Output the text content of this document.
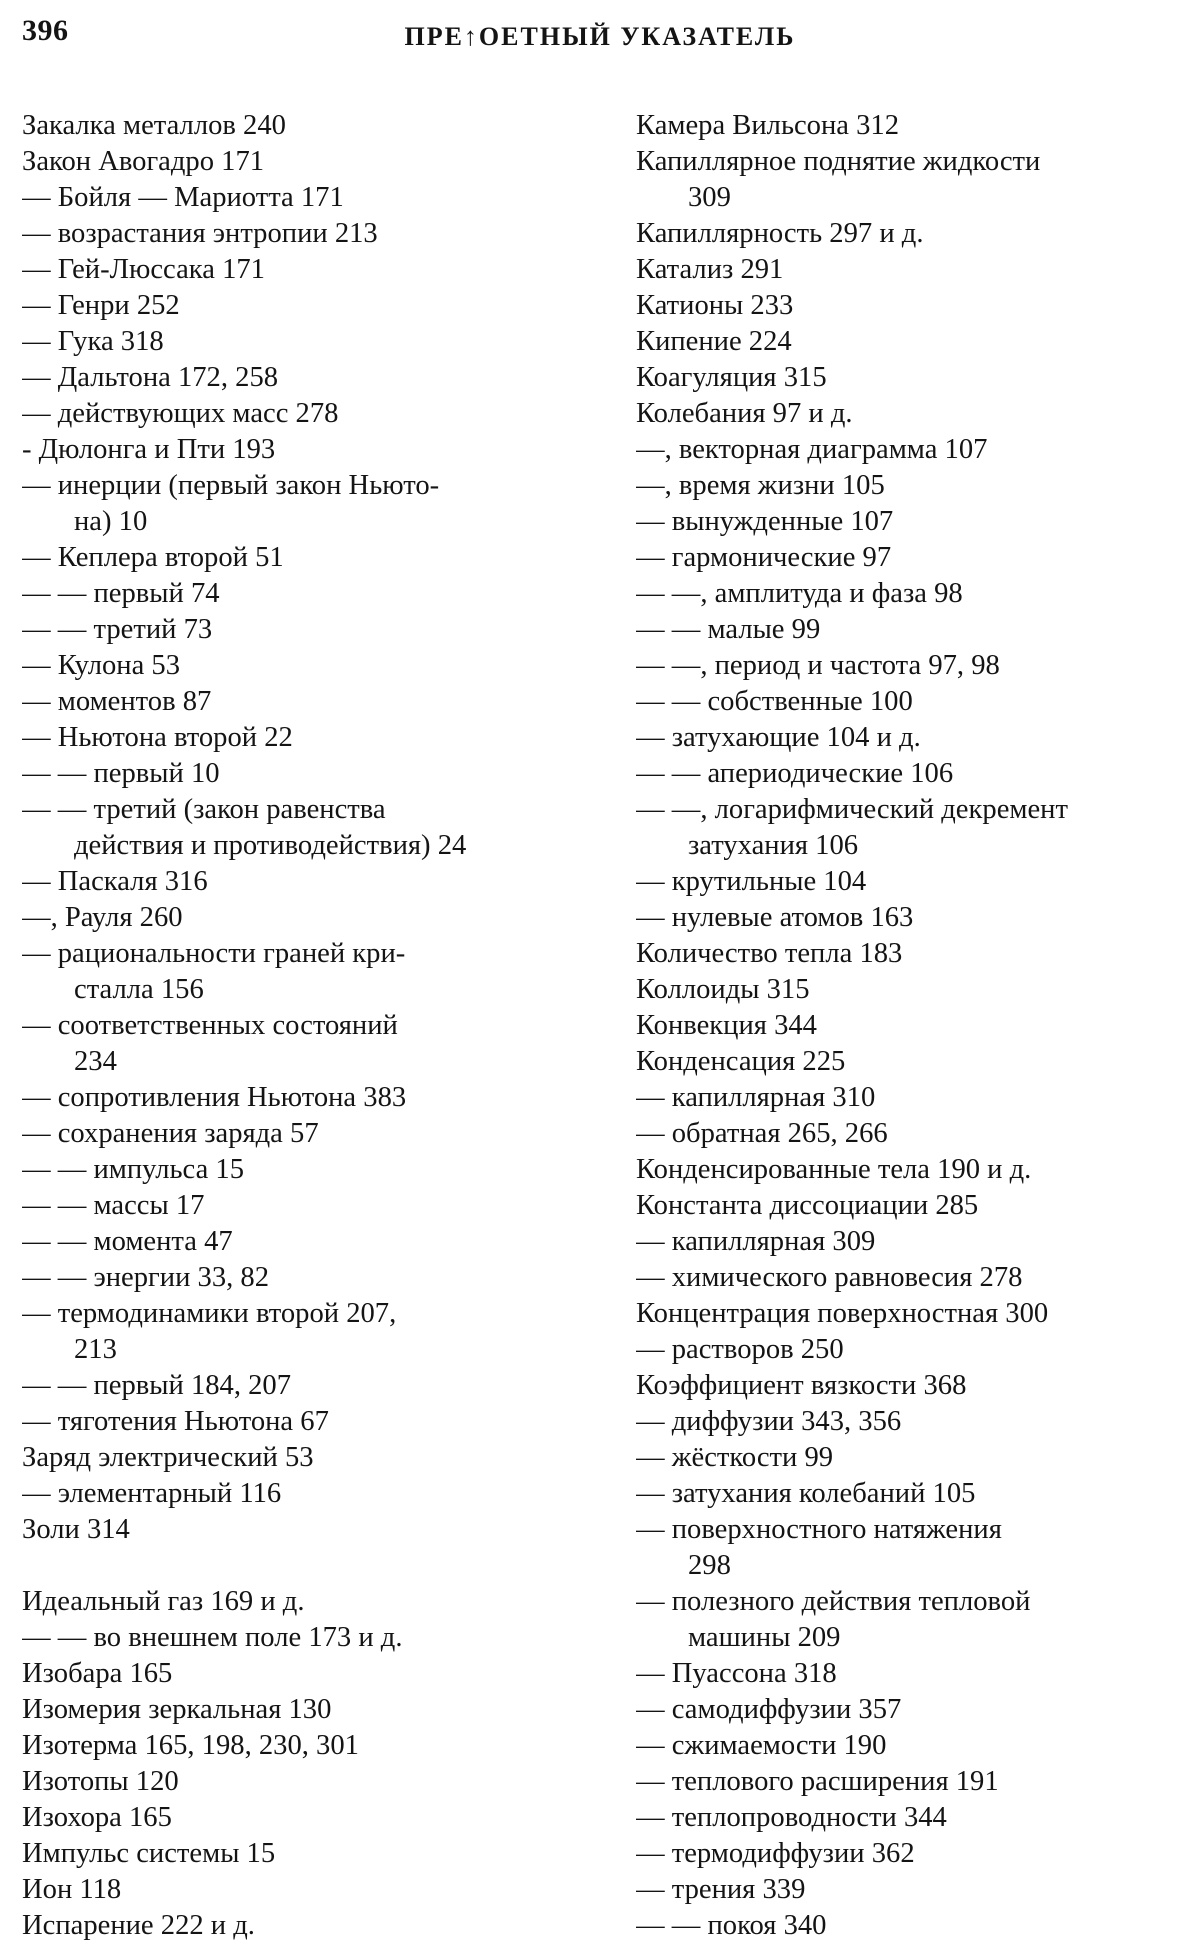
396	ПРЕ↑ОЕТНЫЙ УКАЗАТЕЛЬ
Закалка металлов 240
Закон Авогадро 171
— Бойля — Мариотта 171
— возрастания энтропии 213
— Гей-Люссака 171
— Генри 252
— Гука 318
— Дальтона 172, 258
— действующих масс 278
- Дюлонга и Пти 193
— инерции (первый закон Ньюто-
на) 10
— Кеплера второй 51
— — первый 74
— — третий 73
— Кулона 53
— моментов 87
— Ньютона второй 22
— — первый 10
— — третий (закон равенства
действия и противодействия) 24
— Паскаля 316
—, Рауля 260
— рациональности граней кри-
сталла 156
— соответственных состояний
234
— сопротивления Ньютона 383
— сохранения заряда 57
— — импульса 15
— — массы 17
— — момента 47
— — энергии 33, 82
— термодинамики второй 207,
213
— — первый 184, 207
— тяготения Ньютона 67
Заряд электрический 53
— элементарный 116
Золи 314
Идеальный газ 169 и д.
— — во внешнем поле 173 и д.
Изобара 165
Изомерия зеркальная 130
Изотерма 165, 198, 230, 301
Изотопы 120
Изохора 165
Импульс системы 15
Ион 118
Испарение 222 и д.
Камера Вильсона 312
Капиллярное поднятие жидкости
309
Капиллярность 297 и д.
Катализ 291
Катионы 233
Кипение 224
Коагуляция 315
Колебания 97 и д.
—, векторная диаграмма 107
—, время жизни 105
— вынужденные 107
— гармонические 97
— —, амплитуда и фаза 98
— — малые 99
— —, период и частота 97, 98
— — собственные 100
— затухающие 104 и д.
— — апериодические 106
— —, логарифмический декремент
затухания 106
— крутильные 104
— нулевые атомов 163
Количество тепла 183
Коллоиды 315
Конвекция 344
Конденсация 225
— капиллярная 310
— обратная 265, 266
Конденсированные тела 190 и д.
Константа диссоциации 285
— капиллярная 309
— химического равновесия 278
Концентрация поверхностная 300
— растворов 250
Коэффициент вязкости 368
— диффузии 343, 356
— жёсткости 99
— затухания колебаний 105
— поверхностного натяжения
298
— полезного действия тепловой
машины 209
— Пуассона 318
— самодиффузии 357
— сжимаемости 190
— теплового расширения 191
— теплопроводности 344
— термодиффузии 362
— трения 339
— — покоя 340
